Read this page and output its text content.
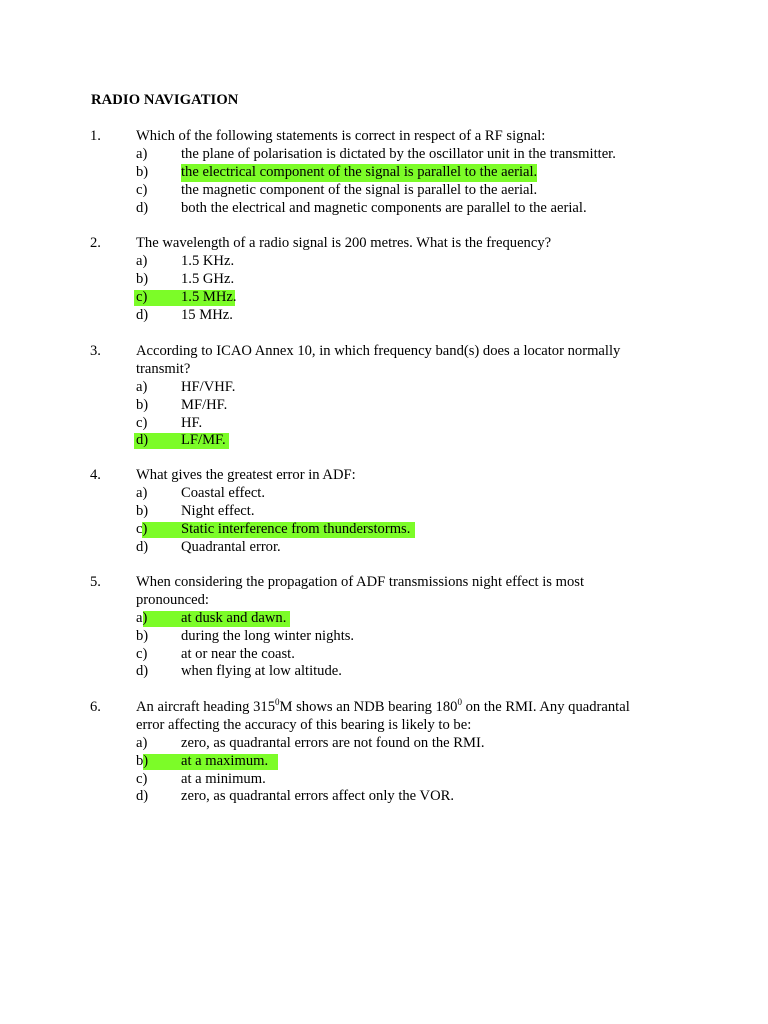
RADIO NAVIGATION
1. Which of the following statements is correct in respect of a RF signal:
a) the plane of polarisation is dictated by the oscillator unit in the transmitter.
b) the electrical component of the signal is parallel to the aerial.
c) the magnetic component of the signal is parallel to the aerial.
d) both the electrical and magnetic components are parallel to the aerial.
2. The wavelength of a radio signal is 200 metres. What is the frequency?
a) 1.5 KHz.
b) 1.5 GHz.
c) 1.5 MHz.
d) 15 MHz.
3. According to ICAO Annex 10, in which frequency band(s) does a locator normally
transmit?
a) HF/VHF.
b) MF/HF.
c) HF.
d) LF/MF.
4. What gives the greatest error in ADF:
a) Coastal effect.
b) Night effect.
c) Static interference from thunderstorms.
d) Quadrantal error.
5. When considering the propagation of ADF transmissions night effect is most
pronounced:
a) at dusk and dawn.
b) during the long winter nights.
c) at or near the coast.
d) when flying at low altitude.
6. An aircraft heading $315^0M$ shows an NDB bearing $180^0$ on the RMI. Any quadrantal
error affecting the accuracy of this bearing is likely to be:
a) zero, as quadrantal errors are not found on the RMI.
b) at a maximum.
c) at a minimum.
d) zero, as quadrantal errors affect only the VOR.
